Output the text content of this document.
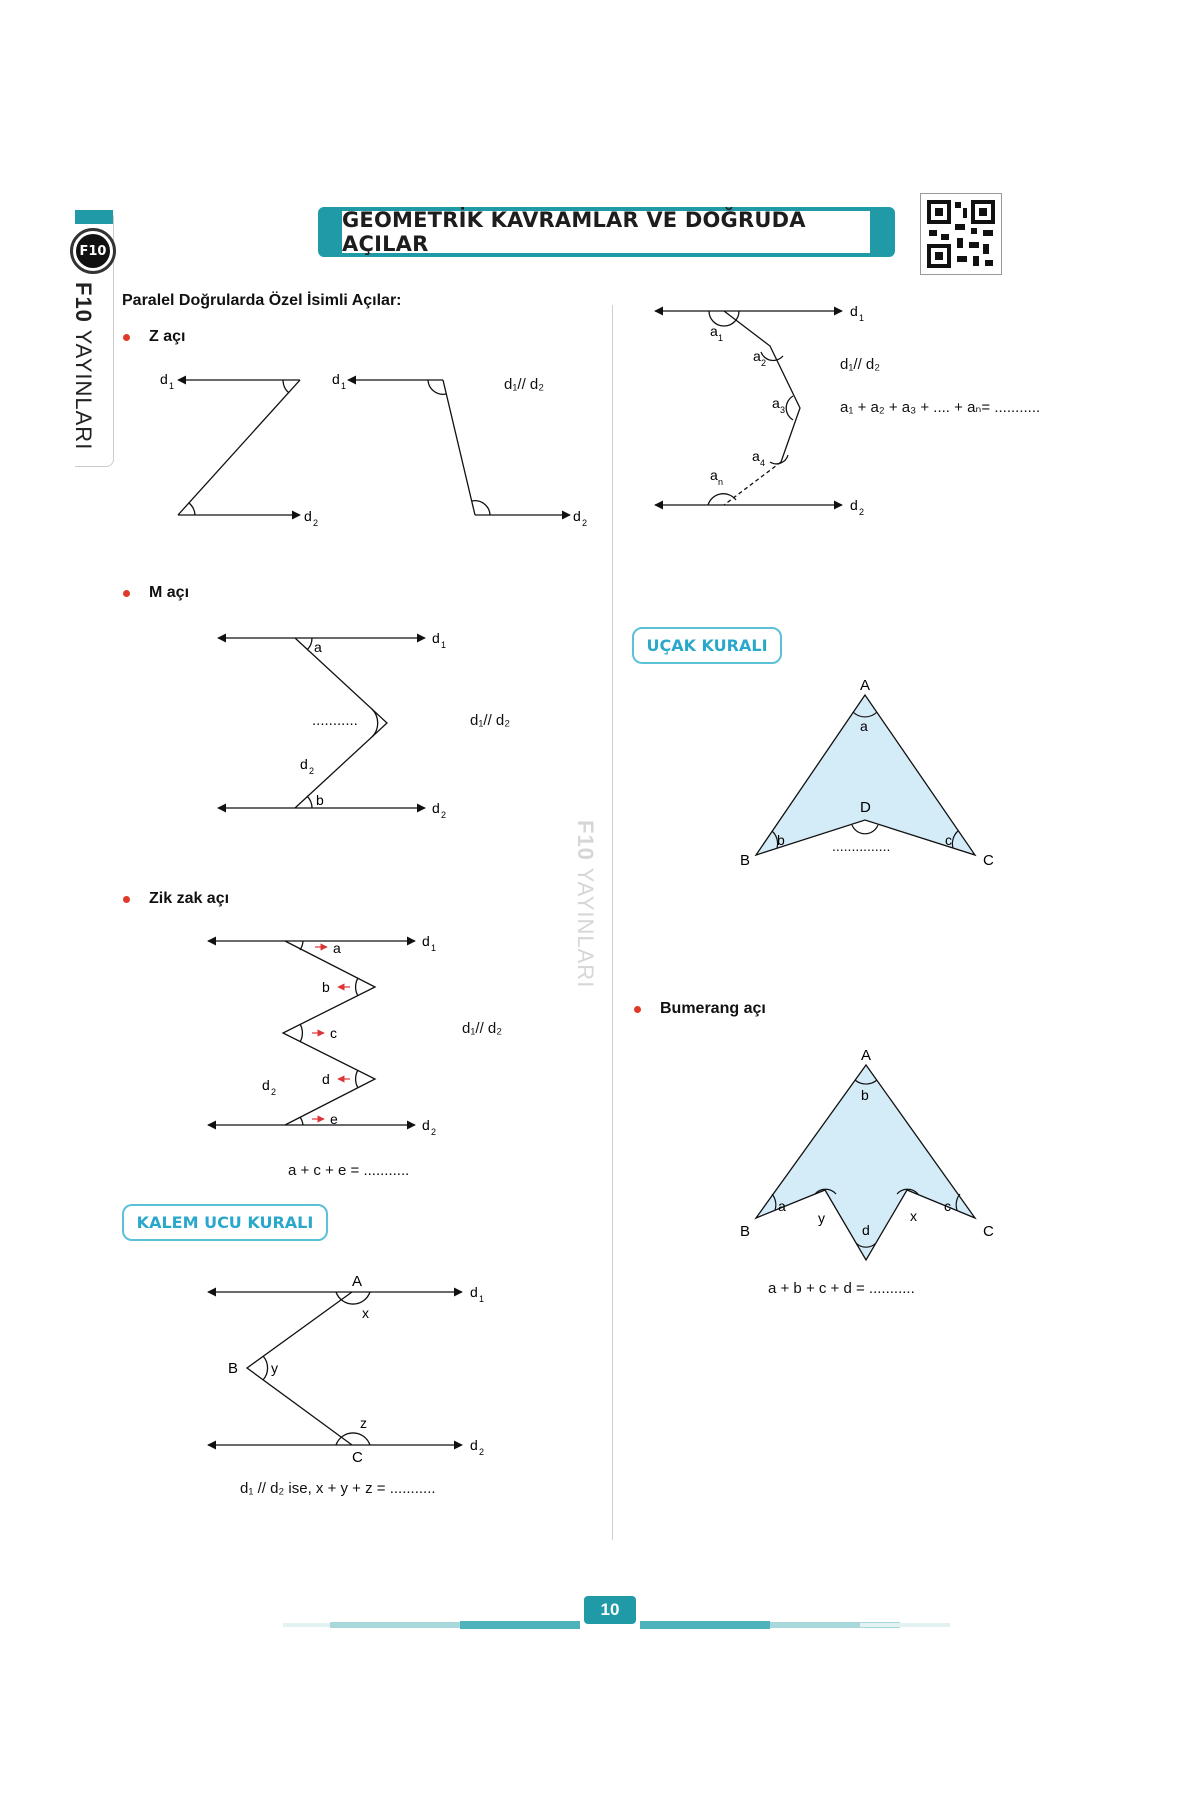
F10
F10 YAYINLARI
GEOMETRİK KAVRAMLAR VE DOĞRUDA AÇILAR
F10 YAYINLARI
Paralel Doğrularda Özel İsimli Açılar:
Z açı
M açı
Zik zak açı
Bumerang açı
KALEM UCU KURALI
UÇAK KURALI
d₁// d₂
d₁// d₂
...........
d₁// d₂
a + c + e = ...........
d₁ // d₂ ise, x + y + z = ...........
d₁// d₂
a₁ + a₂ + a₃ + .... + aₙ= ...........
...............
a + b + c + d = ...........
d 1
d 2
d 1
d 2
a
b
d 1
d 2
d 2
a
b
c
d
e
d 1
d 2
d 2
A
x
B y
z
C
d 1
d 2
a 1
a 2
a 3
a 4
a n
d 1
d 2
A
a
D
B
b	c
C
A
b
B
a
y
d
x
c
C
10
